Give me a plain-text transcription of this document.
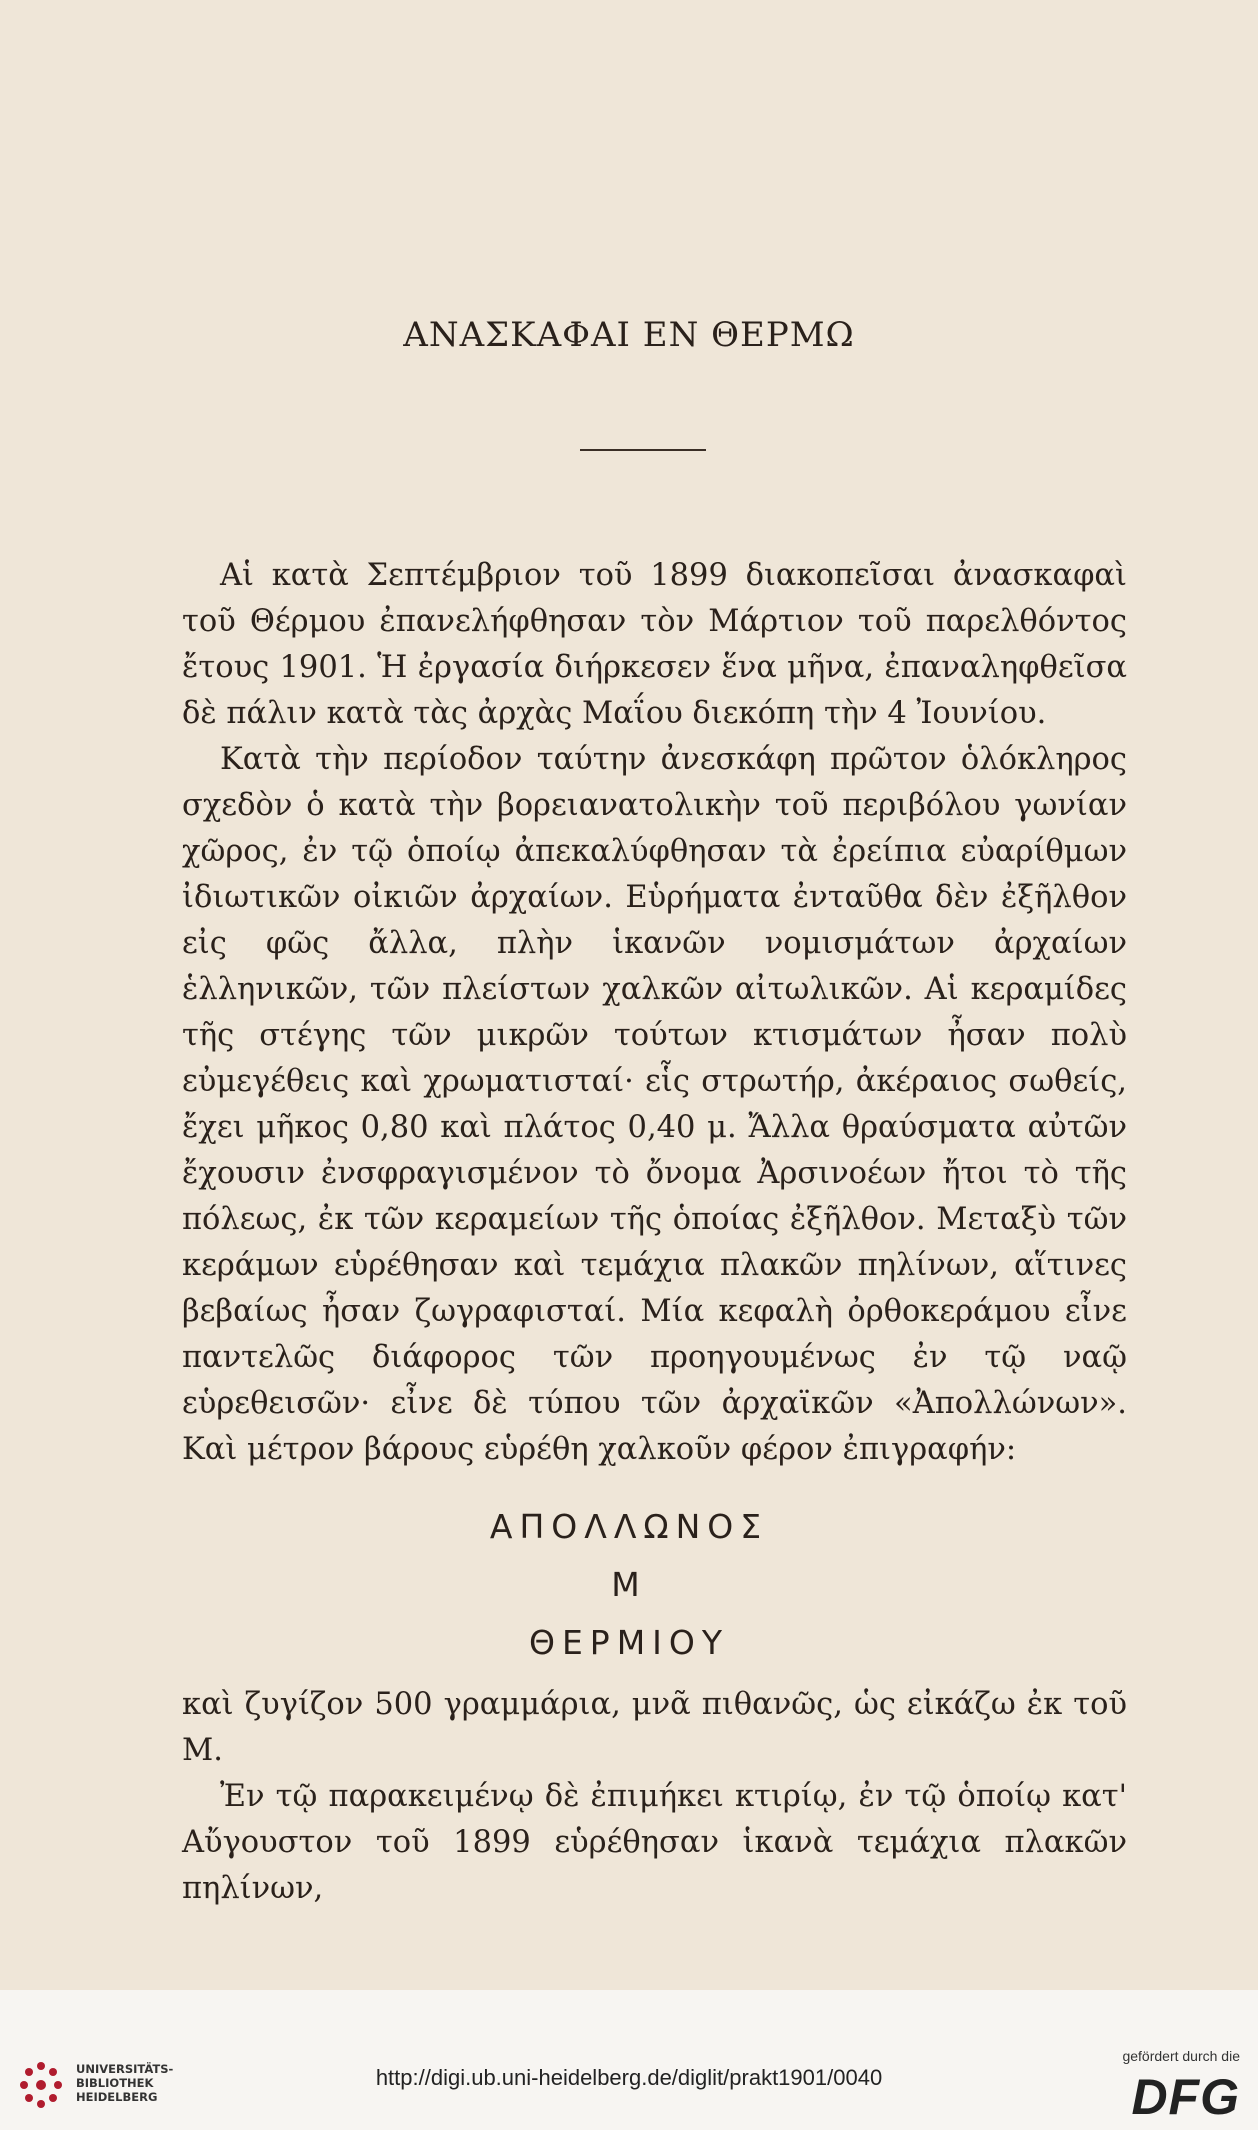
ΑΝΑΣΚΑΦΑΙ ΕΝ ΘΕΡΜΩ

Αἱ κατὰ Σεπτέμβριον τοῦ 1899 διακοπεῖσαι ἀνασκαφαὶ τοῦ Θέρμου ἐπανελήφθησαν τὸν Μάρτιον τοῦ παρελθόντος ἔτους 1901. Ἡ ἐργασία διήρκεσεν ἕνα μῆνα, ἐπαναληφθεῖσα δὲ πάλιν κατὰ τὰς ἀρχὰς Μαΐου διεκόπη τὴν 4 Ἰουνίου.

Κατὰ τὴν περίοδον ταύτην ἀνεσκάφη πρῶτον ὁλόκληρος σχεδὸν ὁ κατὰ τὴν βορειανατολικὴν τοῦ περιβόλου γωνίαν χῶρος, ἐν τῷ ὁποίῳ ἀπεκαλύφθησαν τὰ ἐρείπια εὐαρίθμων ἰδιωτικῶν οἰκιῶν ἀρχαίων. Εὑρήματα ἐνταῦθα δὲν ἐξῆλθον εἰς φῶς ἄλλα, πλὴν ἱκανῶν νομισμάτων ἀρχαίων ἑλληνικῶν, τῶν πλείστων χαλκῶν αἰτωλικῶν. Αἱ κεραμίδες τῆς στέγης τῶν μικρῶν τούτων κτισμάτων ἦσαν πολὺ εὐμεγέθεις καὶ χρωματισταί· εἷς στρωτήρ, ἀκέραιος σωθείς, ἔχει μῆκος 0,80 καὶ πλάτος 0,40 μ. Ἄλλα θραύσματα αὐτῶν ἔχουσιν ἐνσφραγισμένον τὸ ὄνομα Ἀρσινοέων ἤτοι τὸ τῆς πόλεως, ἐκ τῶν κεραμείων τῆς ὁποίας ἐξῆλθον. Μεταξὺ τῶν κεράμων εὑρέθησαν καὶ τεμάχια πλακῶν πηλίνων, αἵτινες βεβαίως ἦσαν ζωγραφισταί. Μία κεφαλὴ ὀρθοκεράμου εἶνε παντελῶς διάφορος τῶν προηγουμένως ἐν τῷ ναῷ εὑρεθεισῶν· εἶνε δὲ τύπου τῶν ἀρχαϊκῶν «Ἀπολλώνων». Καὶ μέτρον βάρους εὑρέθη χαλκοῦν φέρον ἐπιγραφήν:

ΑΠΟΛΛΩΝΟΣ
Μ
ΘΕΡΜΙΟΥ

καὶ ζυγίζον 500 γραμμάρια, μνᾶ πιθανῶς, ὡς εἰκάζω ἐκ τοῦ Μ.

Ἐν τῷ παρακειμένῳ δὲ ἐπιμήκει κτιρίῳ, ἐν τῷ ὁποίῳ κατ' Αὔγουστον τοῦ 1899 εὑρέθησαν ἱκανὰ τεμάχια πλακῶν πηλίνων,

UNIVERSITÄTS-
BIBLIOTHEK
HEIDELBERG
http://digi.ub.uni-heidelberg.de/diglit/prakt1901/0040
gefördert durch die
DFG
